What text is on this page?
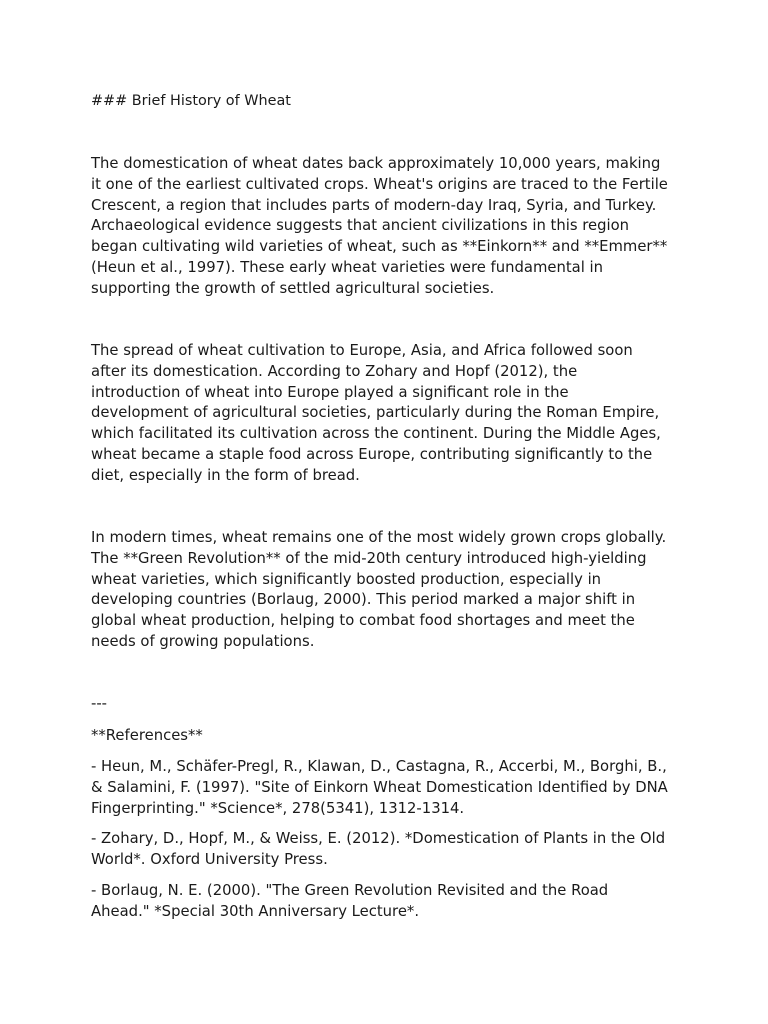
### Brief History of Wheat

The domestication of wheat dates back approximately 10,000 years, making
it one of the earliest cultivated crops. Wheat's origins are traced to the Fertile
Crescent, a region that includes parts of modern-day Iraq, Syria, and Turkey.
Archaeological evidence suggests that ancient civilizations in this region
began cultivating wild varieties of wheat, such as **Einkorn** and **Emmer**
(Heun et al., 1997). These early wheat varieties were fundamental in
supporting the growth of settled agricultural societies.

The spread of wheat cultivation to Europe, Asia, and Africa followed soon
after its domestication. According to Zohary and Hopf (2012), the
introduction of wheat into Europe played a significant role in the
development of agricultural societies, particularly during the Roman Empire,
which facilitated its cultivation across the continent. During the Middle Ages,
wheat became a staple food across Europe, contributing significantly to the
diet, especially in the form of bread.

In modern times, wheat remains one of the most widely grown crops globally.
The **Green Revolution** of the mid-20th century introduced high-yielding
wheat varieties, which significantly boosted production, especially in
developing countries (Borlaug, 2000). This period marked a major shift in
global wheat production, helping to combat food shortages and meet the
needs of growing populations.

---
**References**
- Heun, M., Schäfer-Pregl, R., Klawan, D., Castagna, R., Accerbi, M., Borghi, B.,
& Salamini, F. (1997). "Site of Einkorn Wheat Domestication Identified by DNA
Fingerprinting." *Science*, 278(5341), 1312-1314.
- Zohary, D., Hopf, M., & Weiss, E. (2012). *Domestication of Plants in the Old
World*. Oxford University Press.
- Borlaug, N. E. (2000). "The Green Revolution Revisited and the Road
Ahead." *Special 30th Anniversary Lecture*.
